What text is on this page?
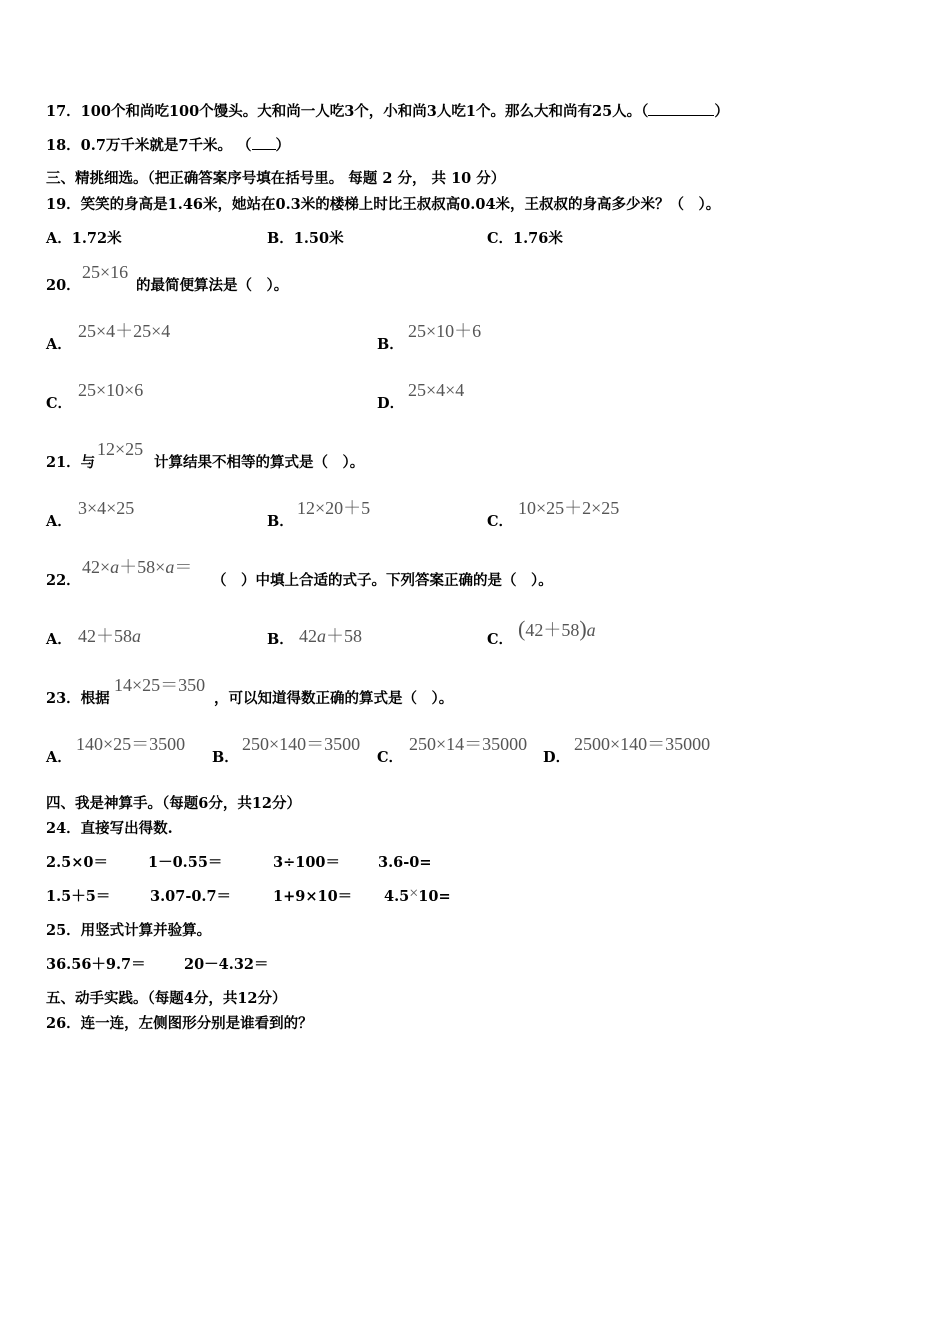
17．100个和尚吃100个馒头。大和尚一人吃3个，小和尚3人吃1个。那么大和尚有25人。（	）
18．0.7万千米就是7千米。 （ ）
三、精挑细选。（把正确答案序号填在括号里。 每题 2 分， 共 10 分）
19．笑笑的身高是1.46米，她站在0.3米的楼梯上时比王叔叔高0.04米，王叔叔的身高多少米？（　）。
A．1.72米	B．1.50米	C．1.76米
20．
25×16
的最简便算法是（　）。
A．
25×4＋25×4
B．
25×10＋6
C．
25×10×6
D．
25×4×4
21．与
12×25
计算结果不相等的算式是（　）。
A．
3×4×25
B．
12×20＋5
C．
10×25＋2×25
22．
42×a＋58×a＝
（　）中填上合适的式子。下列答案正确的是（　）。
A． 42＋58a	B． 42a＋58	C． (42＋58)a
23．根据
14×25＝350
，可以知道得数正确的算式是（　）。
A．
140×25＝3500
B．
250×140＝3500
C．
250×14＝35000
D．
2500×140＝35000
四、我是神算手。（每题6分，共12分）
24．直接写出得数.
2.5×0＝	1－0.55＝	3÷100＝	3.6-0=
1.5＋5＝	3.07-0.7＝	1+9×10＝ 4.5×10=
25．用竖式计算并验算。
36.56＋9.7＝	20－4.32＝
五、动手实践。（每题4分，共12分）
26．连一连，左侧图形分别是谁看到的？
